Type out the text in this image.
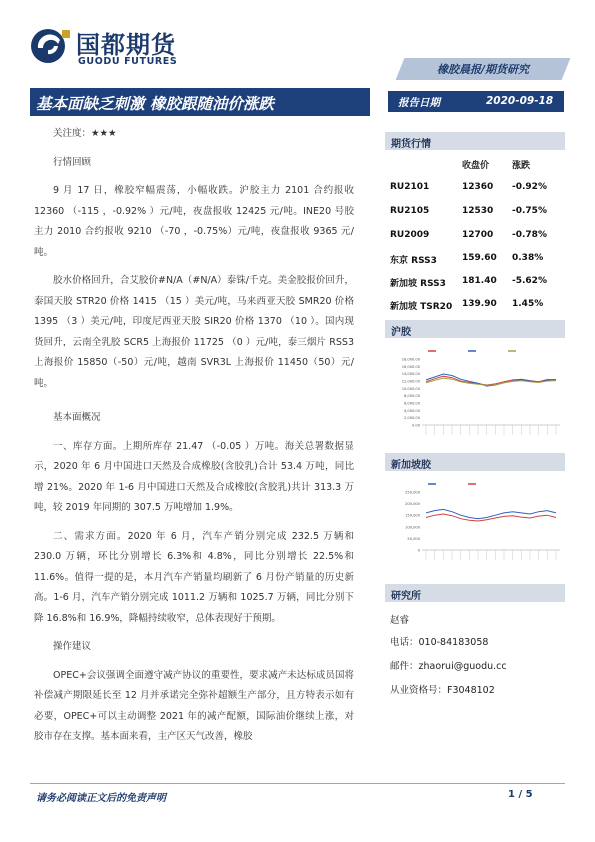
国都期货
GUODU FUTURES
橡胶晨报/期货研究
基本面缺乏刺激 橡胶跟随油价涨跌	报告日期	2020-09-18
关注度：★★★
行情回顾
9 月 17 日，橡胶窄幅震荡，小幅收跌。沪胶主力 2101 合约报收 12360 （-115 ，-0.92% ）元/吨，夜盘报收 12425 元/吨。INE20 号胶主力 2010 合约报收 9210 （-70 ，-0.75%）元/吨，夜盘报收 9365 元/吨。
胶水价格回升，合艾胶价#N/A（#N/A）泰铢/千克。美金胶报价回升，泰国天胶 STR20 价格 1415 （15 ）美元/吨，马来西亚天胶 SMR20 价格 1395 （3 ）美元/吨，印度尼西亚天胶 SIR20 价格 1370 （10 ）。国内现货回升，云南全乳胶 SCR5 上海报价 11725 （0 ）元/吨，泰三烟片 RSS3 上海报价 15850（-50）元/吨，越南 SVR3L 上海报价 11450（50）元/吨。
基本面概况
一、库存方面。上期所库存 21.47 （-0.05 ）万吨。海关总署数据显示，2020 年 6 月中国进口天然及合成橡胶(含胶乳)合计 53.4 万吨，同比增 21%。2020 年 1-6 月中国进口天然及合成橡胶(含胶乳)共计 313.3 万吨，较 2019 年同期的 307.5 万吨增加 1.9%。
二、需求方面。2020 年 6 月，汽车产销分别完成 232.5 万辆和 230.0 万辆，环比分别增长 6.3%和 4.8%，同比分别增长 22.5%和 11.6%。值得一提的是，本月汽车产销量均刷新了 6 月份产销量的历史新高。1-6 月，汽车产销分别完成 1011.2 万辆和 1025.7 万辆，同比分别下降 16.8%和 16.9%，降幅持续收窄，总体表现好于预期。
操作建议
OPEC+会议强调全面遵守减产协议的重要性，要求减产未达标成员国将补偿减产期限延长至 12 月并承诺完全弥补超额生产部分，且方特表示如有必要，OPEC+可以主动调整 2021 年的减产配额，国际油价继续上涨，对胶市存在支撑。基本面来看，主产区天气改善，橡胶
期货行情
收盘价	涨跌
RU2101	12360 -0.92%
RU2105	12530 -0.75%
RU2009	12700 -0.78%
东京 RSS3	159.60 0.38%
新加坡 RSS3 181.40 -5.62%
新加坡 TSR20 139.90 1.45%
沪胶
18,000.00
16,000.00
14,000.00
12,000.00
10,000.00
8,000.00
6,000.00
4,000.00
2,000.00
0.00
新加坡胶
250,000
200,000
150,000
100,000
50,000
0
研究所
赵睿
电话：010-84183058
邮件：zhaorui@guodu.cc
从业资格号：F3048102
请务必阅读正文后的免责声明	1 / 5
